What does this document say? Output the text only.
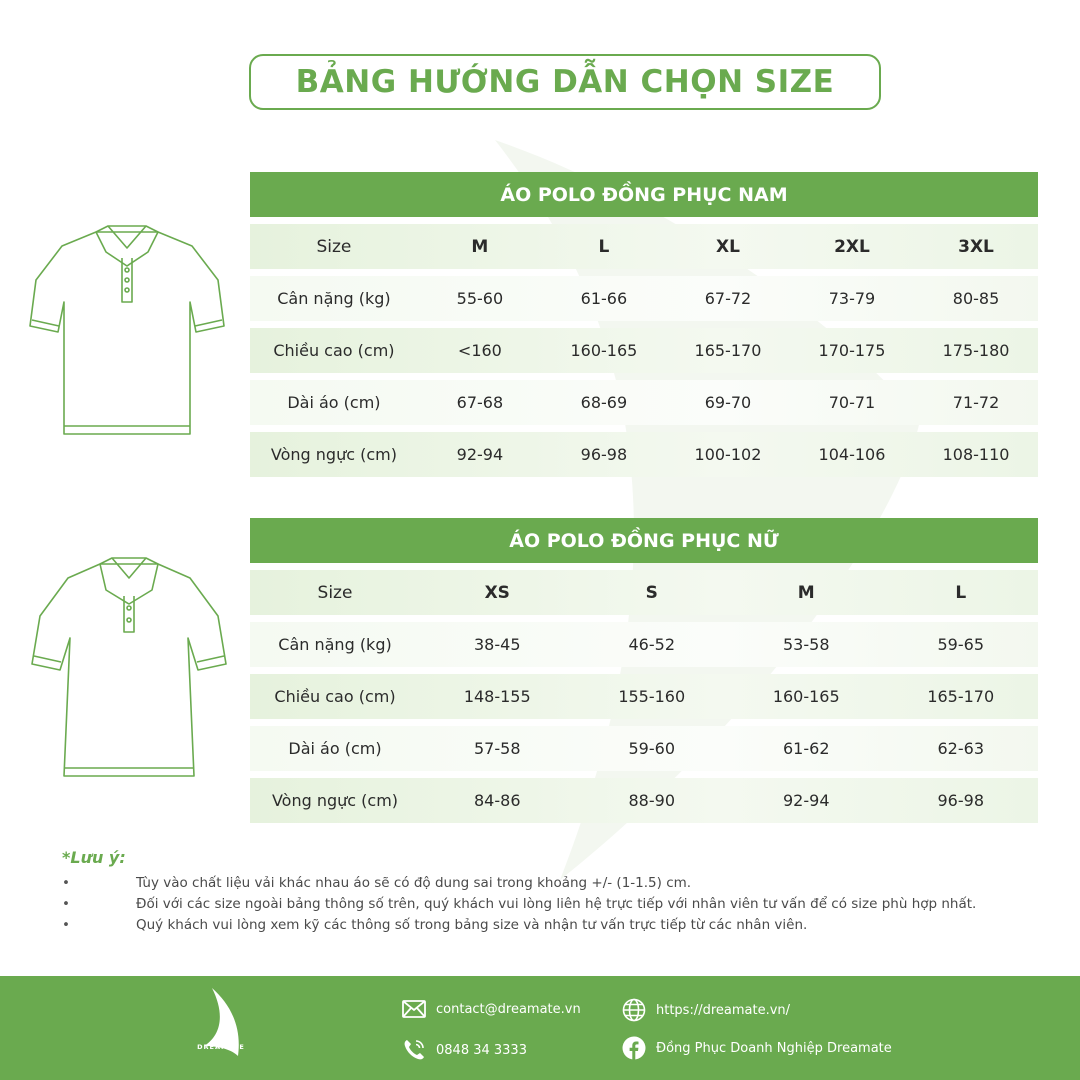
BẢNG HƯỚNG DẪN CHỌN SIZE
ÁO POLO ĐỒNG PHỤC NAM
Size	M	L	XL	2XL	3XL
Cân nặng (kg)	55-60	61-66	67-72	73-79	80-85
Chiều cao (cm)	<160	160-165	165-170	170-175	175-180
Dài áo (cm)	67-68	68-69	69-70	70-71	71-72
Vòng ngực (cm)	92-94	96-98	100-102	104-106	108-110
ÁO POLO ĐỒNG PHỤC NỮ
Size	XS	S	M	L
Cân nặng (kg)	38-45	46-52	53-58	59-65
Chiều cao (cm)	148-155	155-160	160-165	165-170
Dài áo (cm)	57-58	59-60	61-62	62-63
Vòng ngực (cm)	84-86	88-90	92-94	96-98
*Lưu ý:
• Tùy vào chất liệu vải khác nhau áo sẽ có độ dung sai trong khoảng +/- (1-1.5) cm.
• Đối với các size ngoài bảng thông số trên, quý khách vui lòng liên hệ trực tiếp với nhân viên tư vấn để có size phù hợp nhất.
• Quý khách vui lòng xem kỹ các thông số trong bảng size và nhận tư vấn trực tiếp từ các nhân viên.
DREAMATE
contact@dreamate.vn
0848 34 3333
https://dreamate.vn/
Đồng Phục Doanh Nghiệp Dreamate
